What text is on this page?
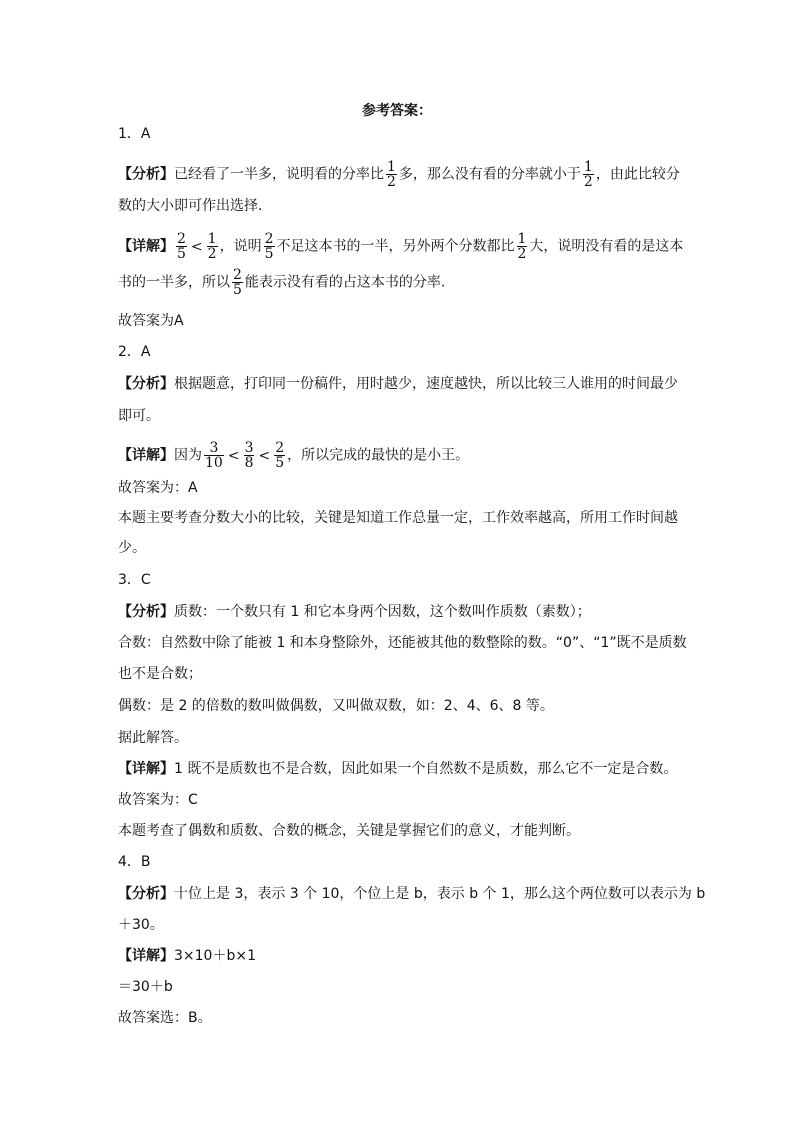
参考答案：
1．A
【分析】已经看了一半多，说明看的分率比 $\frac{1}{2}$ 多，那么没有看的分率就小于 $\frac{1}{2}$ ，由此比较分
数的大小即可作出选择.
【详解】 $\frac{2}{5} < \frac{1}{2}$ ，说明 $\frac{2}{5}$ 不足这本书的一半，另外两个分数都比 $\frac{1}{2}$ 大，说明没有看的是这本
书的一半多，所以 $\frac{2}{5}$ 能表示没有看的占这本书的分率.
故答案为A
2．A
【分析】根据题意，打印同一份稿件，用时越少，速度越快，所以比较三人谁用的时间最少
即可。
【详解】因为 $\frac{3}{10} < \frac{3}{8} < \frac{2}{5}$ ，所以完成的最快的是小王。
故答案为：A
本题主要考查分数大小的比较，关键是知道工作总量一定，工作效率越高，所用工作时间越
少。
3．C
【分析】质数：一个数只有 1 和它本身两个因数，这个数叫作质数（素数）；
合数：自然数中除了能被 1 和本身整除外，还能被其他的数整除的数。“0”、“1”既不是质数
也不是合数；
偶数：是 2 的倍数的数叫做偶数，又叫做双数，如：2、4、6、8 等。
据此解答。
【详解】1 既不是质数也不是合数，因此如果一个自然数不是质数，那么它不一定是合数。
故答案为：C
本题考查了偶数和质数、合数的概念，关键是掌握它们的意义，才能判断。
4．B
【分析】十位上是 3，表示 3 个 10，个位上是 b，表示 b 个 1，那么这个两位数可以表示为 b
＋30。
【详解】3×10＋b×1
＝30＋b
故答案选：B。
